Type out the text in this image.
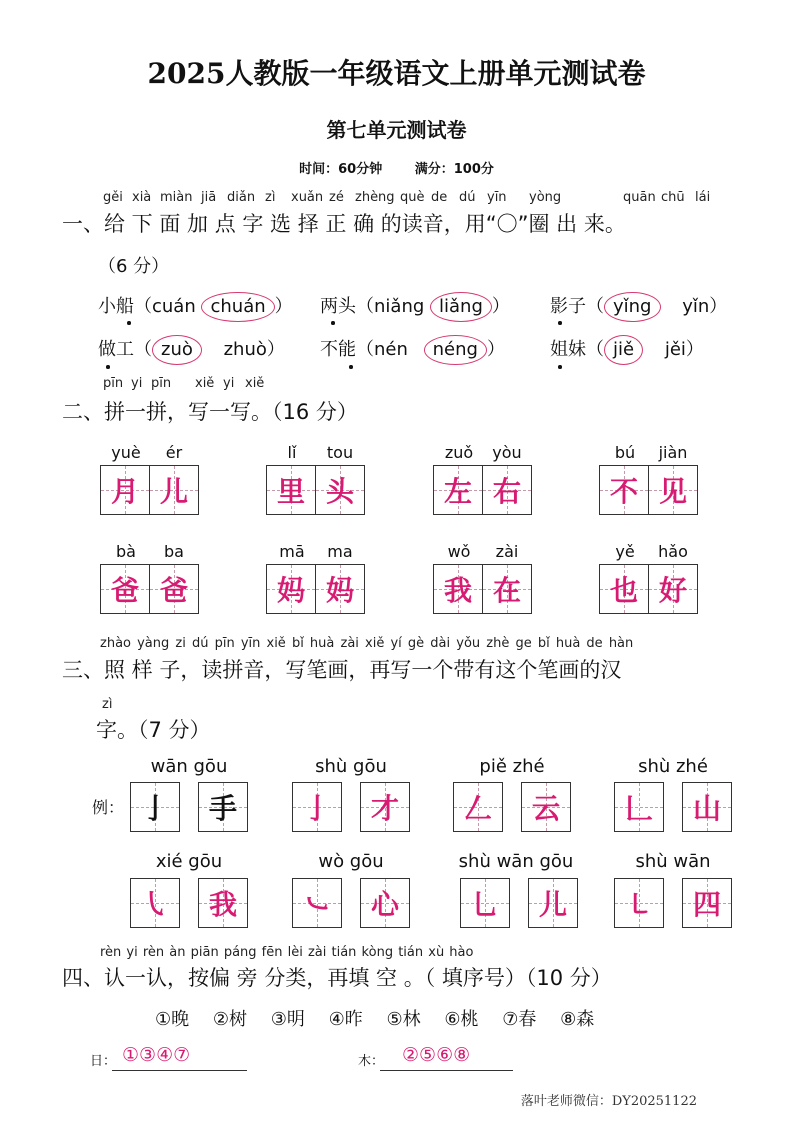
2025人教版一年级语文上册单元测试卷
第七单元测试卷
时间：60分钟	满分：100分
gěi xià miàn jiā diǎn zì xuǎn zé zhèng què de dú yīn yòng	quān chū lái
一、给 下 面 加 点 字 选 择 正 确 的读音，用“〇”圈 出 来。
（6 分）
小船（cuán chuán ） 两头（niǎng liǎng ） 影子（ yǐng yǐn）
做工（ zuò zhuò） 不能（nén néng ）	姐妹（ jiě jěi）
pīn yi pīn xiě yi xiě
二、拼一拼，写一写。（16 分）
yuè ér
月 儿
lǐ tou
里 头
zuǒ yòu
左 右
bú jiàn
不 见
bà ba
爸 爸
mā ma
妈 妈
wǒ zài
我 在
yě hǎo
也 好
zhào yàng zi dú pīn yīn xiě bǐ huà zài xiě yí gè dài yǒu zhè ge bǐ huà de hàn
三、照 样 子，读拼音，写笔画，再写一个带有这个笔画的汉
zì
字。（7 分）
例：
wān gōu
亅	手
shù gōu
亅	才
piě zhé
𠃋	云
shù zhé
𠃊	山
xié gōu
㇂	我
wò gōu
㇃	心
shù wān gōu
乚	儿
shù wān
㇄	四
rèn yi rèn àn piān páng fēn lèi zài tián kòng tián xù hào
四、认一认，按偏 旁 分类，再填 空 。（ 填序号）（10 分）
①晚 ②树 ③明 ④昨 ⑤林 ⑥桃 ⑦春 ⑧森
日： ①③④⑦	木： ②⑤⑥⑧
落叶老师微信：DY20251122
